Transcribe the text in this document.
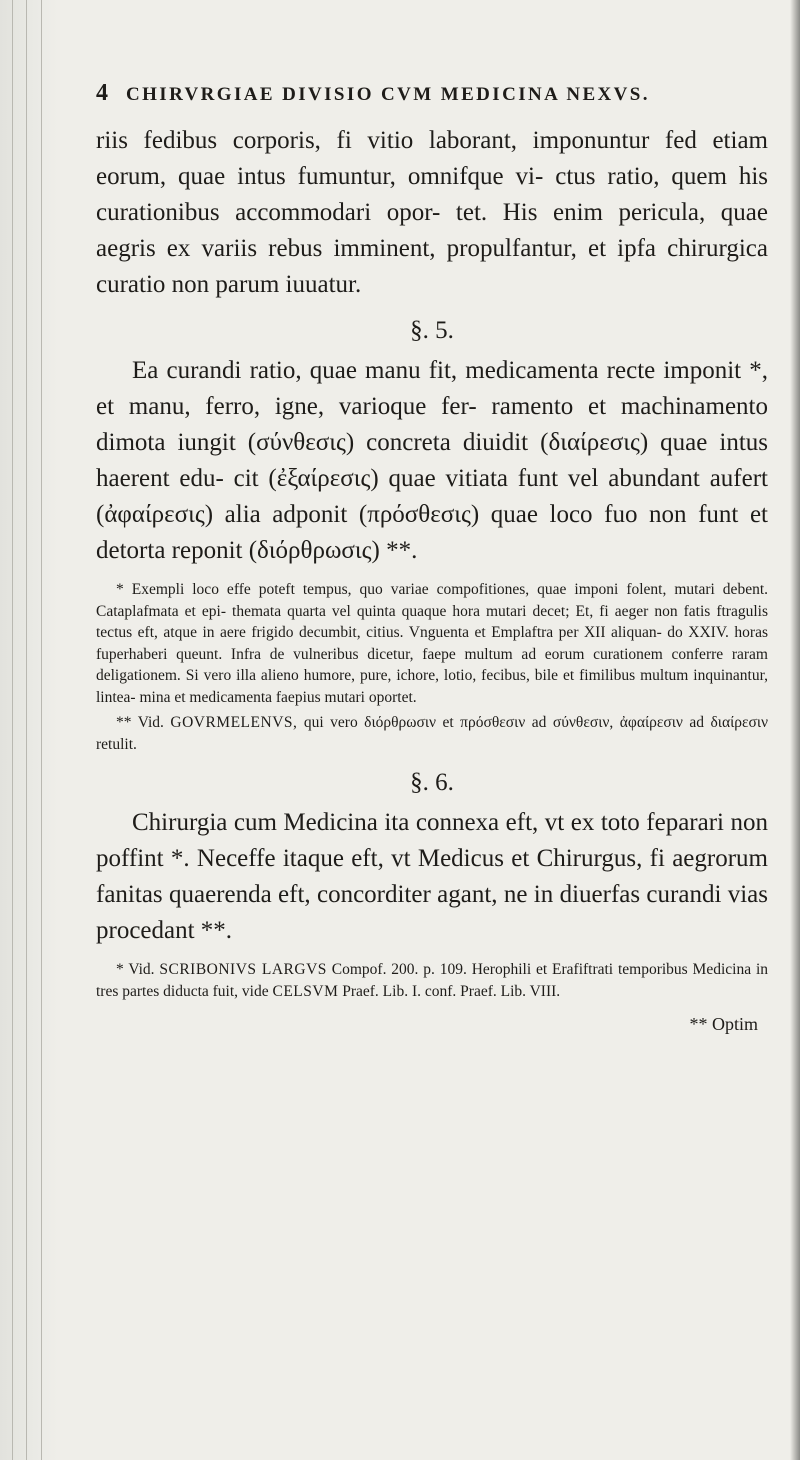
4 CHIRVRGIAE DIVISIO CVM MEDICINA NEXVS.

riis fedibus corporis, fi vitio laborant, imponuntur fed etiam eorum, quae intus fumuntur, omnifque vi- ctus ratio, quem his curationibus accommodari opor- tet. His enim pericula, quae aegris ex variis rebus imminent, propulfantur, et ipfa chirurgica curatio non parum iuuatur.

§. 5.

Ea curandi ratio, quae manu fit, medicamenta recte imponit *, et manu, ferro, igne, varioque fer- ramento et machinamento dimota iungit (σύνθεσις) concreta diuidit (διαίρεσις) quae intus haerent edu- cit (ἐξαίρεσις) quae vitiata funt vel abundant aufert (ἀφαίρεσις) alia adponit (πρόσθεσις) quae loco fuo non funt et detorta reponit (διόρθρωσις) **.

* Exempli loco effe poteft tempus, quo variae compofitiones, quae imponi folent, mutari debent. Cataplafmata et epi- themata quarta vel quinta quaque hora mutari decet; Et, fi aeger non fatis ftragulis tectus eft, atque in aere frigido decumbit, citius. Vnguenta et Emplaftra per XII aliquan- do XXIV. horas fuperhaberi queunt. Infra de vulneribus dicetur, faepe multum ad eorum curationem conferre raram deligationem. Si vero illa alieno humore, pure, ichore, lotio, fecibus, bile et fimilibus multum inquinantur, lintea- mina et medicamenta faepius mutari oportet.

** Vid. GOVRMELENVS, qui vero διόρθρωσιν et πρόσθεσιν ad σύνθεσιν, ἀφαίρεσιν ad διαίρεσιν retulit.

§. 6.

Chirurgia cum Medicina ita connexa eft, vt ex toto feparari non poffint *. Neceffe itaque eft, vt Medicus et Chirurgus, fi aegrorum fanitas quaerenda eft, concorditer agant, ne in diuerfas curandi vias procedant **.

* Vid. SCRIBONIVS LARGVS Compof. 200. p. 109. Herophili et Erafiftrati temporibus Medicina in tres partes diducta fuit, vide CELSVM Praef. Lib. I. conf. Praef. Lib. VIII.

** Optim
